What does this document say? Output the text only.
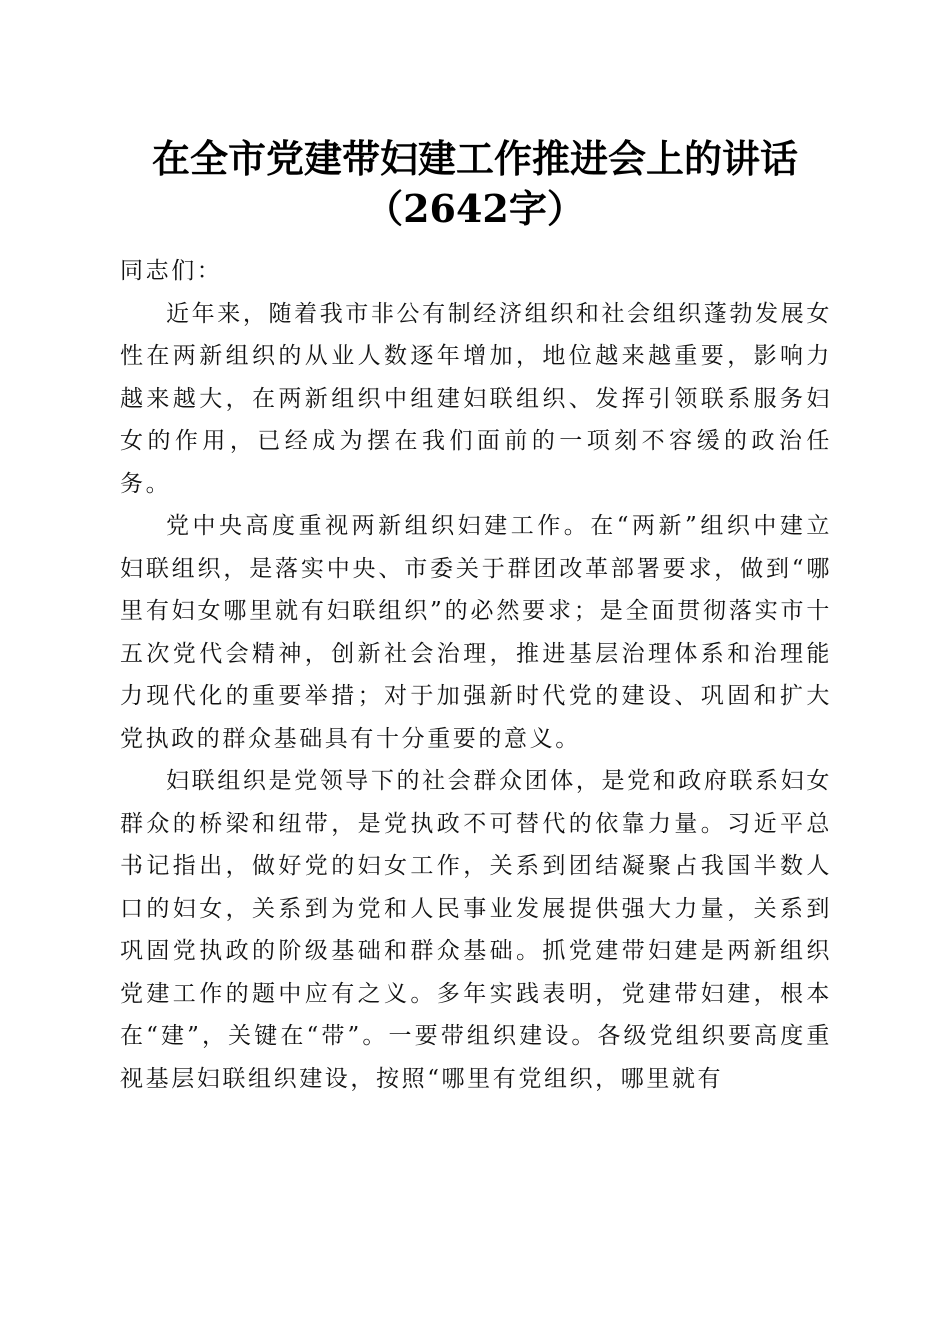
在全市党建带妇建工作推进会上的讲话（2642字）

同志们：

近年来，随着我市非公有制经济组织和社会组织蓬勃发展女性在两新组织的从业人数逐年增加，地位越来越重要，影响力越来越大，在两新组织中组建妇联组织、发挥引领联系服务妇女的作用，已经成为摆在我们面前的一项刻不容缓的政治任务。

党中央高度重视两新组织妇建工作。在“两新”组织中建立妇联组织，是落实中央、市委关于群团改革部署要求，做到“哪里有妇女哪里就有妇联组织”的必然要求；是全面贯彻落实市十五次党代会精神，创新社会治理，推进基层治理体系和治理能力现代化的重要举措；对于加强新时代党的建设、巩固和扩大党执政的群众基础具有十分重要的意义。

妇联组织是党领导下的社会群众团体，是党和政府联系妇女群众的桥梁和纽带，是党执政不可替代的依靠力量。习近平总书记指出，做好党的妇女工作，关系到团结凝聚占我国半数人口的妇女，关系到为党和人民事业发展提供强大力量，关系到巩固党执政的阶级基础和群众基础。抓党建带妇建是两新组织党建工作的题中应有之义。多年实践表明，党建带妇建，根本在“建”，关键在“带”。一要带组织建设。各级党组织要高度重视基层妇联组织建设，按照“哪里有党组织，哪里就有
